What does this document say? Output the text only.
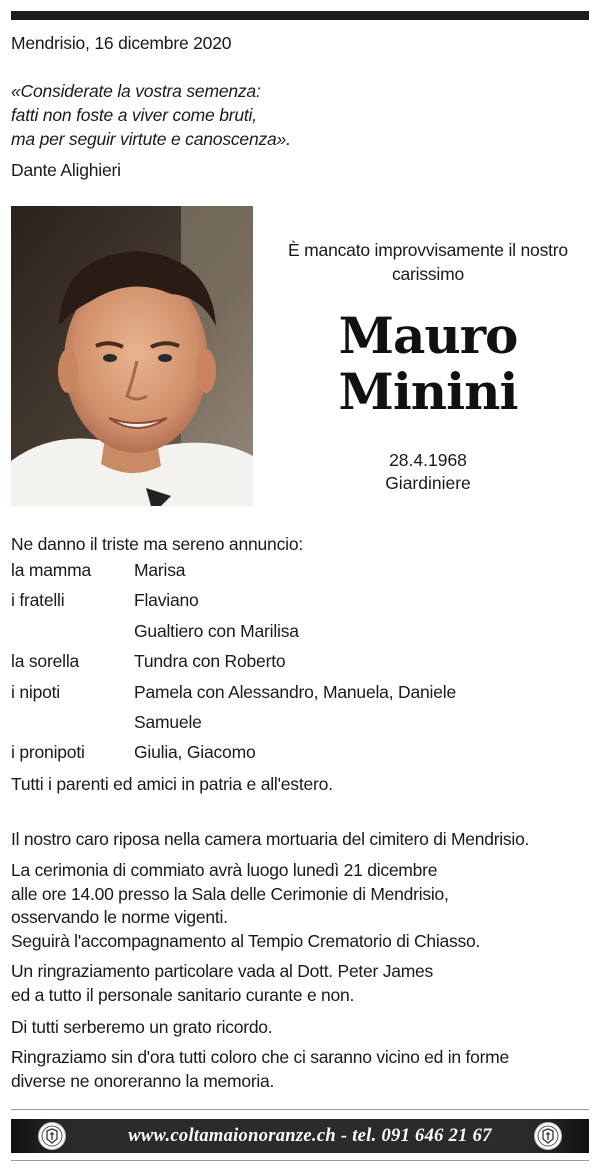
Mendrisio, 16 dicembre 2020
«Considerate la vostra semenza:
fatti non foste a viver come bruti,
ma per seguir virtute e canoscenza».
Dante Alighieri
È mancato improvvisamente il nostro
carissimo
Mauro
Minini
28.4.1968
Giardiniere
Ne danno il triste ma sereno annuncio:
la mamma Marisa
i fratelli	Flaviano
Gualtiero con Marilisa
la sorella	Tundra con Roberto
i nipoti	Pamela con Alessandro, Manuela, Daniele
Samuele
i pronipoti	Giulia, Giacomo
Tutti i parenti ed amici in patria e all'estero.
Il nostro caro riposa nella camera mortuaria del cimitero di Mendrisio.
La cerimonia di commiato avrà luogo lunedì 21 dicembre
alle ore 14.00 presso la Sala delle Cerimonie di Mendrisio,
osservando le norme vigenti.
Seguirà l'accompagnamento al Tempio Crematorio di Chiasso.
Un ringraziamento particolare vada al Dott. Peter James
ed a tutto il personale sanitario curante e non.
Di tutti serberemo un grato ricordo.
Ringraziamo sin d'ora tutti coloro che ci saranno vicino ed in forme
diverse ne onoreranno la memoria.
www.coltamaionoranze.ch - tel. 091 646 21 67
